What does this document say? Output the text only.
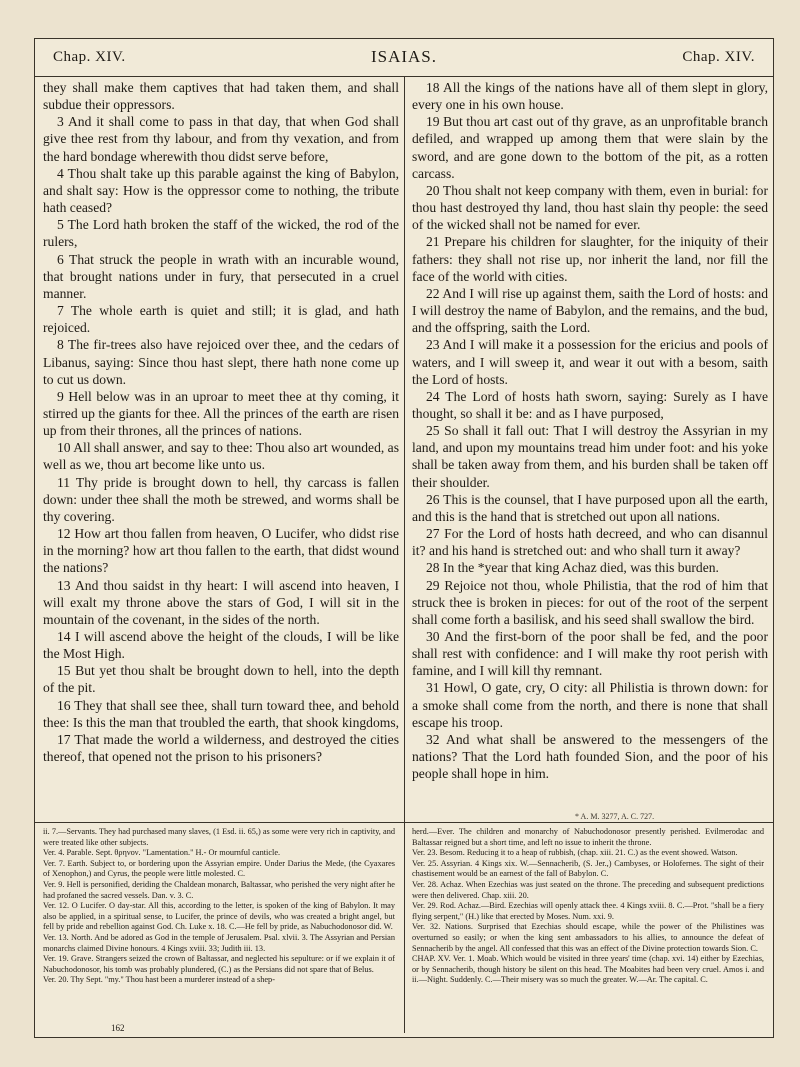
Chap. XIV.	ISAIAS.	Chap. XIV.

they shall make them captives that had taken them, and shall subdue their oppressors.

3 And it shall come to pass in that day, that when God shall give thee rest from thy labour, and from thy vexation, and from the hard bondage wherewith thou didst serve before,

4 Thou shalt take up this parable against the king of Babylon, and shalt say: How is the oppressor come to nothing, the tribute hath ceased?

5 The Lord hath broken the staff of the wicked, the rod of the rulers,

6 That struck the people in wrath with an incurable wound, that brought nations under in fury, that persecuted in a cruel manner.

7 The whole earth is quiet and still; it is glad, and hath rejoiced.

8 The fir-trees also have rejoiced over thee, and the cedars of Libanus, saying: Since thou hast slept, there hath none come up to cut us down.

9 Hell below was in an uproar to meet thee at thy coming, it stirred up the giants for thee. All the princes of the earth are risen up from their thrones, all the princes of nations.

10 All shall answer, and say to thee: Thou also art wounded, as well as we, thou art become like unto us.

11 Thy pride is brought down to hell, thy carcass is fallen down: under thee shall the moth be strewed, and worms shall be thy covering.

12 How art thou fallen from heaven, O Lucifer, who didst rise in the morning? how art thou fallen to the earth, that didst wound the nations?

13 And thou saidst in thy heart: I will ascend into heaven, I will exalt my throne above the stars of God, I will sit in the mountain of the covenant, in the sides of the north.

14 I will ascend above the height of the clouds, I will be like the Most High.

15 But yet thou shalt be brought down to hell, into the depth of the pit.

16 They that shall see thee, shall turn toward thee, and behold thee: Is this the man that troubled the earth, that shook kingdoms,

17 That made the world a wilderness, and destroyed the cities thereof, that opened not the prison to his prisoners?

18 All the kings of the nations have all of them slept in glory, every one in his own house.

19 But thou art cast out of thy grave, as an unprofitable branch defiled, and wrapped up among them that were slain by the sword, and are gone down to the bottom of the pit, as a rotten carcass.

20 Thou shalt not keep company with them, even in burial: for thou hast destroyed thy land, thou hast slain thy people: the seed of the wicked shall not be named for ever.

21 Prepare his children for slaughter, for the iniquity of their fathers: they shall not rise up, nor inherit the land, nor fill the face of the world with cities.

22 And I will rise up against them, saith the Lord of hosts: and I will destroy the name of Babylon, and the remains, and the bud, and the offspring, saith the Lord.

23 And I will make it a possession for the ericius and pools of waters, and I will sweep it, and wear it out with a besom, saith the Lord of hosts.

24 The Lord of hosts hath sworn, saying: Surely as I have thought, so shall it be: and as I have purposed,

25 So shall it fall out: That I will destroy the Assyrian in my land, and upon my mountains tread him under foot: and his yoke shall be taken away from them, and his burden shall be taken off their shoulder.

26 This is the counsel, that I have purposed upon all the earth, and this is the hand that is stretched out upon all nations.

27 For the Lord of hosts hath decreed, and who can disannul it? and his hand is stretched out: and who shall turn it away?

28 In the *year that king Achaz died, was this burden.

29 Rejoice not thou, whole Philistia, that the rod of him that struck thee is broken in pieces: for out of the root of the serpent shall come forth a basilisk, and his seed shall swallow the bird.

30 And the first-born of the poor shall be fed, and the poor shall rest with confidence: and I will make thy root perish with famine, and I will kill thy remnant.

31 Howl, O gate, cry, O city: all Philistia is thrown down: for a smoke shall come from the north, and there is none that shall escape his troop.

32 And what shall be answered to the messengers of the nations? That the Lord hath founded Sion, and the poor of his people shall hope in him.

* A. M. 3277, A. C. 727.

ii. 7.—Servants. They had purchased many slaves, (1 Esd. ii. 65,) as some were very rich in captivity, and were treated like other subjects.

Ver. 4. Parable. Sept. θρηνον. "Lamentation." H.- Or mournful canticle.

Ver. 7. Earth. Subject to, or bordering upon the Assyrian empire. Under Darius the Mede, (the Cyaxares of Xenophon,) and Cyrus, the people were little molested. C.

Ver. 9. Hell is personified, deriding the Chaldean monarch, Baltassar, who perished the very night after he had profaned the sacred vessels. Dan. v. 3. C.

Ver. 12. O Lucifer. O day-star. All this, according to the letter, is spoken of the king of Babylon. It may also be applied, in a spiritual sense, to Lucifer, the prince of devils, who was created a bright angel, but fell by pride and rebellion against God. Ch. Luke x. 18. C.—He fell by pride, as Nabuchodonosor did. W.

Ver. 13. North. And be adored as God in the temple of Jerusalem. Psal. xlvii. 3. The Assyrian and Persian monarchs claimed Divine honours. 4 Kings xviii. 33; Judith iii. 13.

Ver. 19. Grave. Strangers seized the crown of Baltassar, and neglected his sepulture: or if we explain it of Nabuchodonosor, his tomb was probably plundered, (C.) as the Persians did not spare that of Belus.

Ver. 20. Thy Sept. "my." Thou hast been a murderer instead of a shep-

herd.—Ever. The children and monarchy of Nabuchodonosor presently perished. Evilmerodac and Baltassar reigned but a short time, and left no issue to inherit the throne.

Ver. 23. Besom. Reducing it to a heap of rubbish, (chap. xiii. 21. C.) as the event showed. Watson.

Ver. 25. Assyrian. 4 Kings xix. W.—Sennacherib, (S. Jer.,) Cambyses, or Holofernes. The sight of their chastisement would be an earnest of the fall of Babylon. C.

Ver. 28. Achaz. When Ezechias was just seated on the throne. The preceding and subsequent predictions were then delivered. Chap. xiii. 20.

Ver. 29. Rod. Achaz.—Bird. Ezechias will openly attack thee. 4 Kings xviii. 8. C.—Prot. "shall be a fiery flying serpent," (H.) like that erected by Moses. Num. xxi. 9.

Ver. 32. Nations. Surprised that Ezechias should escape, while the power of the Philistines was overturned so easily; or when the king sent ambassadors to his allies, to announce the defeat of Sennacherib by the angel. All confessed that this was an effect of the Divine protection towards Sion. C.

CHAP. XV. Ver. 1. Moab. Which would be visited in three years' time (chap. xvi. 14) either by Ezechias, or by Sennacherib, though history be silent on this head. The Moabites had been very cruel. Amos i. and ii.—Night. Suddenly. C.—Their misery was so much the greater. W.—Ar. The capital. C.

162
